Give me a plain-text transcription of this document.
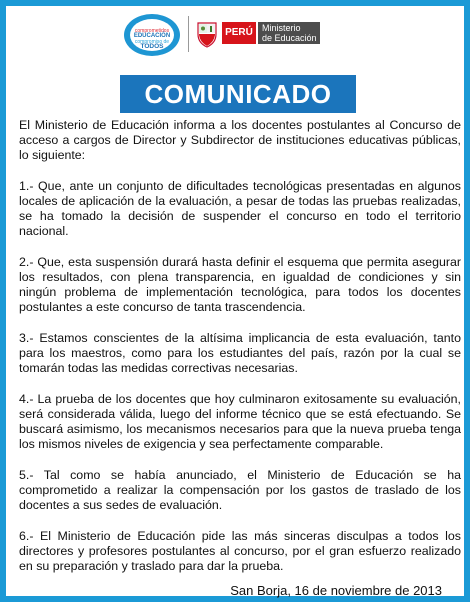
comprometidos
EDUCACIÓN
compromiso de
TODOS
PERÚ	Ministerio
de Educación
COMUNICADO

El Ministerio de Educación informa a los docentes postulantes al Concurso de acceso a cargos de Director y Subdirector de instituciones educativas públicas, lo siguiente:

1.- Que, ante un conjunto de dificultades tecnológicas presentadas en algunos locales de aplicación de la evaluación, a pesar de todas las pruebas realizadas, se ha tomado la decisión de suspender el concurso en todo el territorio nacional.

2.- Que, esta suspensión durará hasta definir el esquema que permita asegurar los resultados, con plena transparencia, en igualdad de condiciones y sin ningún problema de implementación tecnológica, para todos los docentes postulantes a este concurso de tanta trascendencia.

3.- Estamos conscientes de la altísima implicancia de esta evaluación, tanto para los maestros, como para los estudiantes del país, razón por la cual se tomarán todas las medidas correctivas necesarias.

4.- La prueba de los docentes que hoy culminaron exitosamente su evaluación, será considerada válida, luego del informe técnico que se está efectuando. Se buscará asimismo, los mecanismos necesarios para que la nueva prueba tenga los mismos niveles de exigencia y sea perfectamente comparable.

5.- Tal como se había anunciado, el Ministerio de Educación se ha comprometido a realizar la compensación por los gastos de traslado de los docentes a sus sedes de evaluación.

6.- El Ministerio de Educación pide las más sinceras disculpas a todos los directores y profesores postulantes al concurso, por el gran esfuerzo realizado en su preparación y traslado para dar la prueba.

San Borja, 16 de noviembre de 2013
